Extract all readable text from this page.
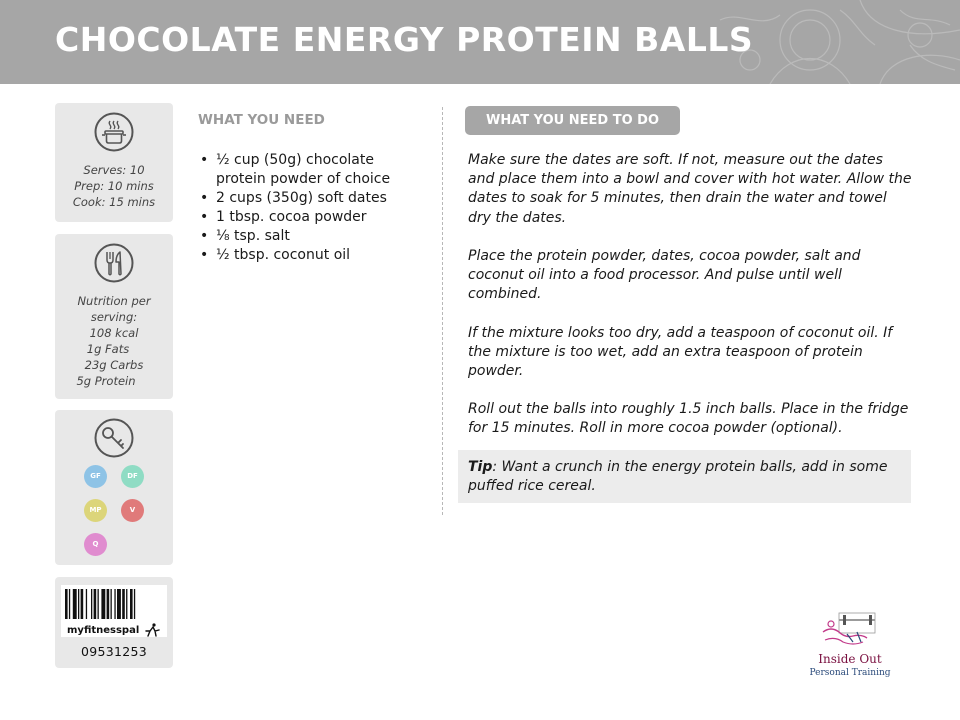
CHOCOLATE ENERGY PROTEIN BALLS
Serves: 10
Prep: 10 mins
Cook: 15 mins
Nutrition per
serving:
108 kcal
1g Fats
23g Carbs
5g Protein
GF	DF
MP	V
Q
myfitnesspal
09531253
WHAT YOU NEED
• ½ cup (50g) chocolate protein powder of choice
• 2 cups (350g) soft dates
• 1 tbsp. cocoa powder
• ⅛ tsp. salt
• ½ tbsp. coconut oil
WHAT YOU NEED TO DO
Make sure the dates are soft. If not, measure out the dates and place them into a bowl and cover with hot water. Allow the dates to soak for 5 minutes, then drain the water and towel dry the dates.
Place the protein powder, dates, cocoa powder, salt and coconut oil into a food processor. And pulse until well combined.
If the mixture looks too dry, add a teaspoon of coconut oil. If the mixture is too wet, add an extra teaspoon of protein powder.
Roll out the balls into roughly 1.5 inch balls. Place in the fridge for 15 minutes. Roll in more cocoa powder (optional).
Tip: Want a crunch in the energy protein balls, add in some puffed rice cereal.
Inside Out
Personal Training
